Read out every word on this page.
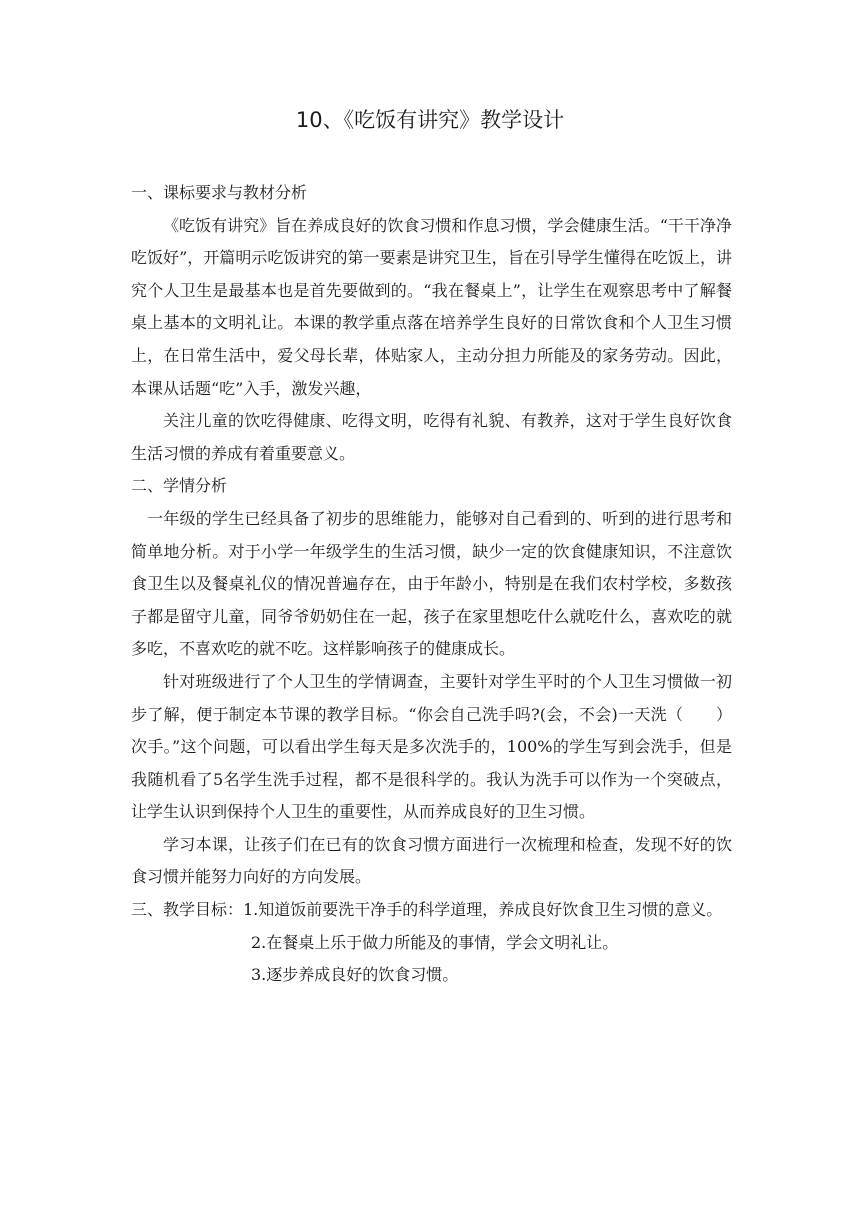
10、《吃饭有讲究》教学设计

一、课标要求与教材分析

《吃饭有讲究》旨在养成良好的饮食习惯和作息习惯，学会健康生活。“干干净净吃饭好”，开篇明示吃饭讲究的第一要素是讲究卫生，旨在引导学生懂得在吃饭上，讲究个人卫生是最基本也是首先要做到的。“我在餐桌上”，让学生在观察思考中了解餐桌上基本的文明礼让。本课的教学重点落在培养学生良好的日常饮食和个人卫生习惯上，在日常生活中，爱父母长辈，体贴家人，主动分担力所能及的家务劳动。因此，本课从话题“吃”入手，激发兴趣，

关注儿童的饮吃得健康、吃得文明，吃得有礼貌、有教养，这对于学生良好饮食生活习惯的养成有着重要意义。

二、学情分析

一年级的学生已经具备了初步的思维能力，能够对自己看到的、听到的进行思考和简单地分析。对于小学一年级学生的生活习惯，缺少一定的饮食健康知识，不注意饮食卫生以及餐桌礼仪的情况普遍存在，由于年龄小，特别是在我们农村学校，多数孩子都是留守儿童，同爷爷奶奶住在一起，孩子在家里想吃什么就吃什么，喜欢吃的就多吃，不喜欢吃的就不吃。这样影响孩子的健康成长。

针对班级进行了个人卫生的学情调查，主要针对学生平时的个人卫生习惯做一初步了解，便于制定本节课的教学目标。“你会自己洗手吗?(会，不会)一天洗（　　）次手。”这个问题，可以看出学生每天是多次洗手的，100%的学生写到会洗手，但是我随机看了5名学生洗手过程，都不是很科学的。我认为洗手可以作为一个突破点，让学生认识到保持个人卫生的重要性，从而养成良好的卫生习惯。

学习本课，让孩子们在已有的饮食习惯方面进行一次梳理和检查，发现不好的饮食习惯并能努力向好的方向发展。

三、教学目标：1.知道饭前要洗干净手的科学道理，养成良好饮食卫生习惯的意义。

2.在餐桌上乐于做力所能及的事情，学会文明礼让。

3.逐步养成良好的饮食习惯。
